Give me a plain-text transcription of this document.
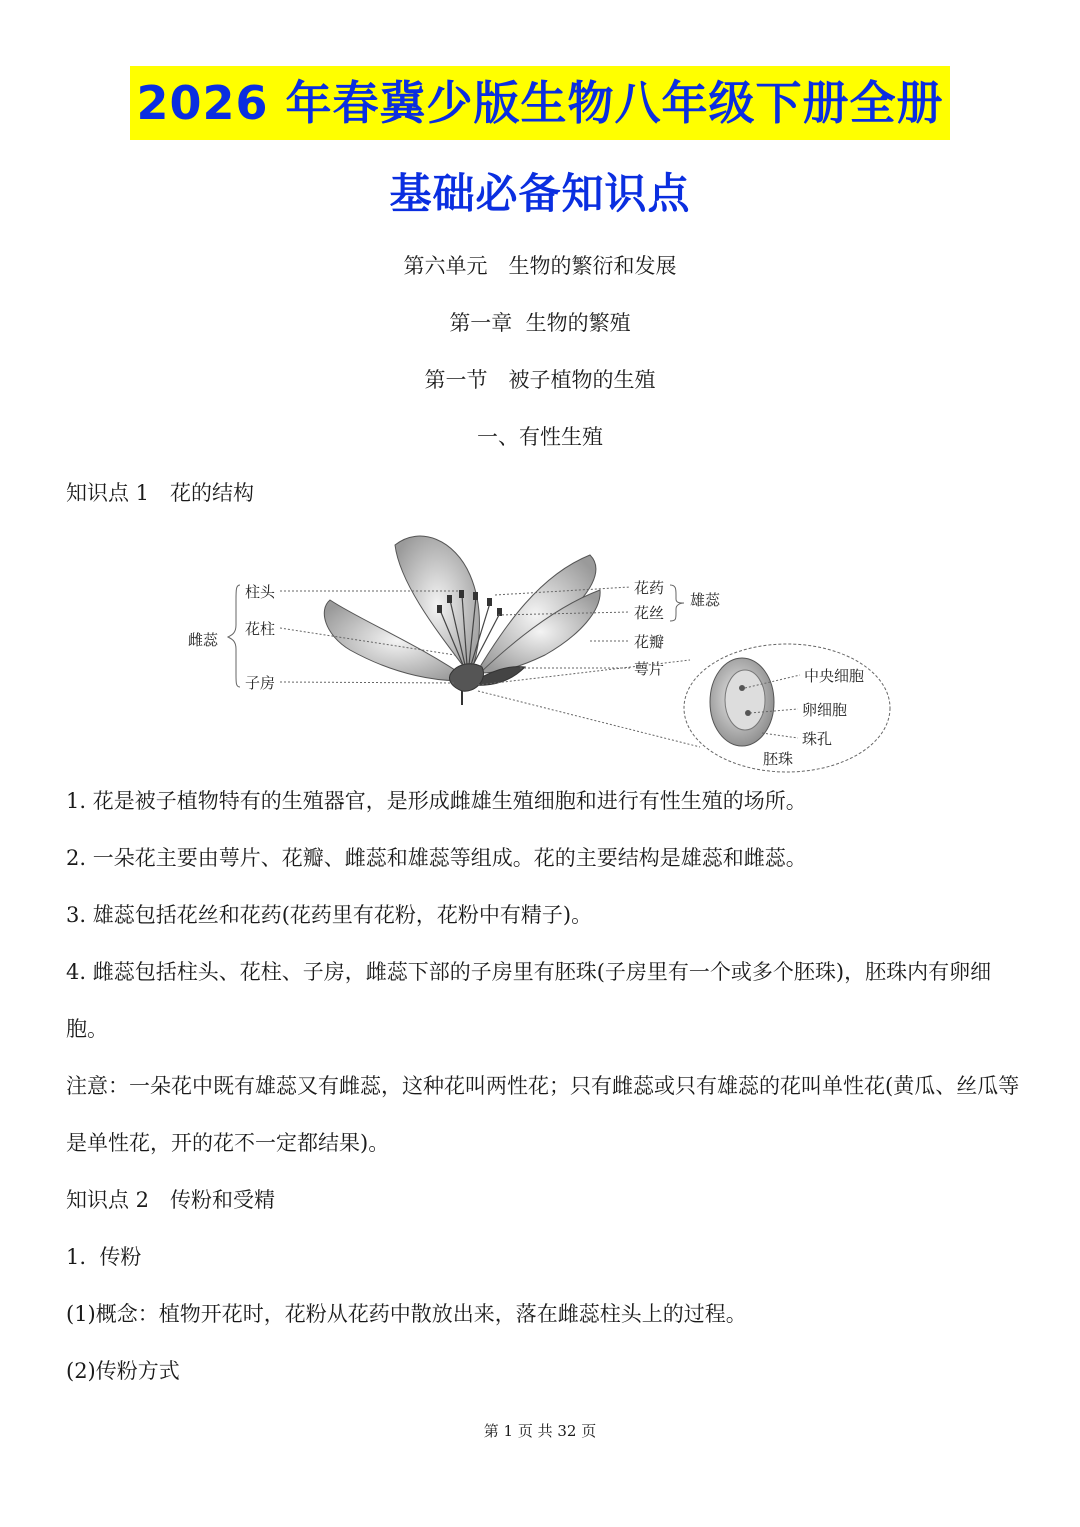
2026 年春冀少版生物八年级下册全册
基础必备知识点
第六单元　生物的繁衍和发展
第一章  生物的繁殖
第一节　被子植物的生殖
一、有性生殖
知识点 1　花的结构
柱头
花柱
子房
雌蕊
花药
花丝
花瓣
萼片
雄蕊
中央细胞
卵细胞
珠孔
胚珠
1. 花是被子植物特有的生殖器官，是形成雌雄生殖细胞和进行有性生殖的场所。
2. 一朵花主要由萼片、花瓣、雌蕊和雄蕊等组成。花的主要结构是雄蕊和雌蕊。
3. 雄蕊包括花丝和花药(花药里有花粉，花粉中有精子)。
4. 雌蕊包括柱头、花柱、子房，雌蕊下部的子房里有胚珠(子房里有一个或多个胚珠)，胚珠内有卵细胞。
注意：一朵花中既有雄蕊又有雌蕊，这种花叫两性花；只有雌蕊或只有雄蕊的花叫单性花(黄瓜、丝瓜等是单性花，开的花不一定都结果)。
知识点 2　传粉和受精
1.  传粉
(1)概念：植物开花时，花粉从花药中散放出来，落在雌蕊柱头上的过程。
(2)传粉方式
第 1 页 共 32 页
